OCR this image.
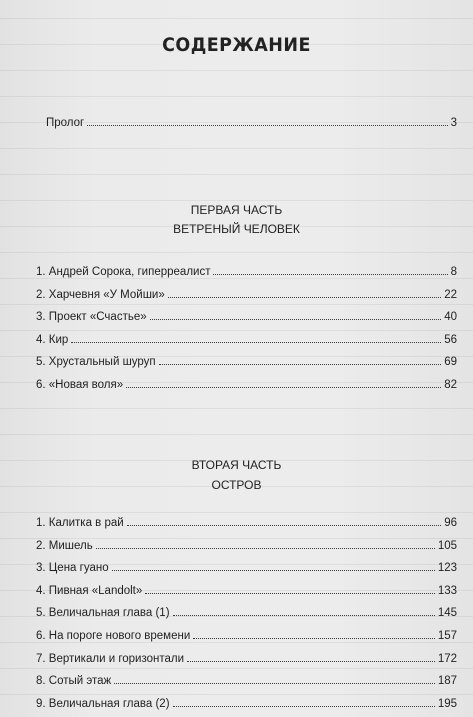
СОДЕРЖАНИЕ
Пролог	3
ПЕРВАЯ ЧАСТЬ
ВЕТРЕНЫЙ ЧЕЛОВЕК
1. Андрей Сорока, гиперреалист	8
2. Харчевня «У Мойши»	22
3. Проект «Счастье»	40
4. Кир	56
5. Хрустальный шуруп	69
6. «Новая воля»	82
ВТОРАЯ ЧАСТЬ
ОСТРОВ
1. Калитка в рай	96
2. Мишель	105
3. Цена гуано	123
4. Пивная «Landolt»	133
5. Величальная глава (1)	145
6. На пороге нового времени	157
7. Вертикали и горизонтали	172
8. Сотый этаж	187
9. Величальная глава (2)	195
